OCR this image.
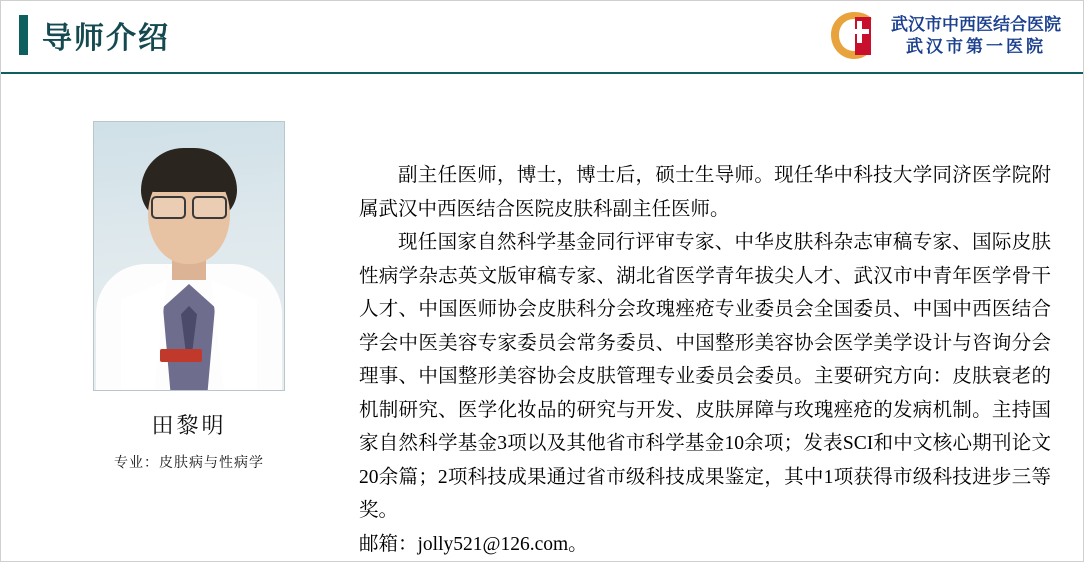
导师介绍	武汉市中西医结合医院
武汉市第一医院
田黎明
专业：皮肤病与性病学

副主任医师，博士，博士后，硕士生导师。现任华中科技大学同济医学院附属武汉中西医结合医院皮肤科副主任医师。

现任国家自然科学基金同行评审专家、中华皮肤科杂志审稿专家、国际皮肤性病学杂志英文版审稿专家、湖北省医学青年拔尖人才、武汉市中青年医学骨干人才、中国医师协会皮肤科分会玫瑰痤疮专业委员会全国委员、中国中西医结合学会中医美容专家委员会常务委员、中国整形美容协会医学美学设计与咨询分会理事、中国整形美容协会皮肤管理专业委员会委员。主要研究方向：皮肤衰老的机制研究、医学化妆品的研究与开发、皮肤屏障与玫瑰痤疮的发病机制。主持国家自然科学基金3项以及其他省市科学基金10余项；发表SCI和中文核心期刊论文20余篇；2项科技成果通过省市级科技成果鉴定，其中1项获得市级科技进步三等奖。

邮箱：jolly521@126.com。
